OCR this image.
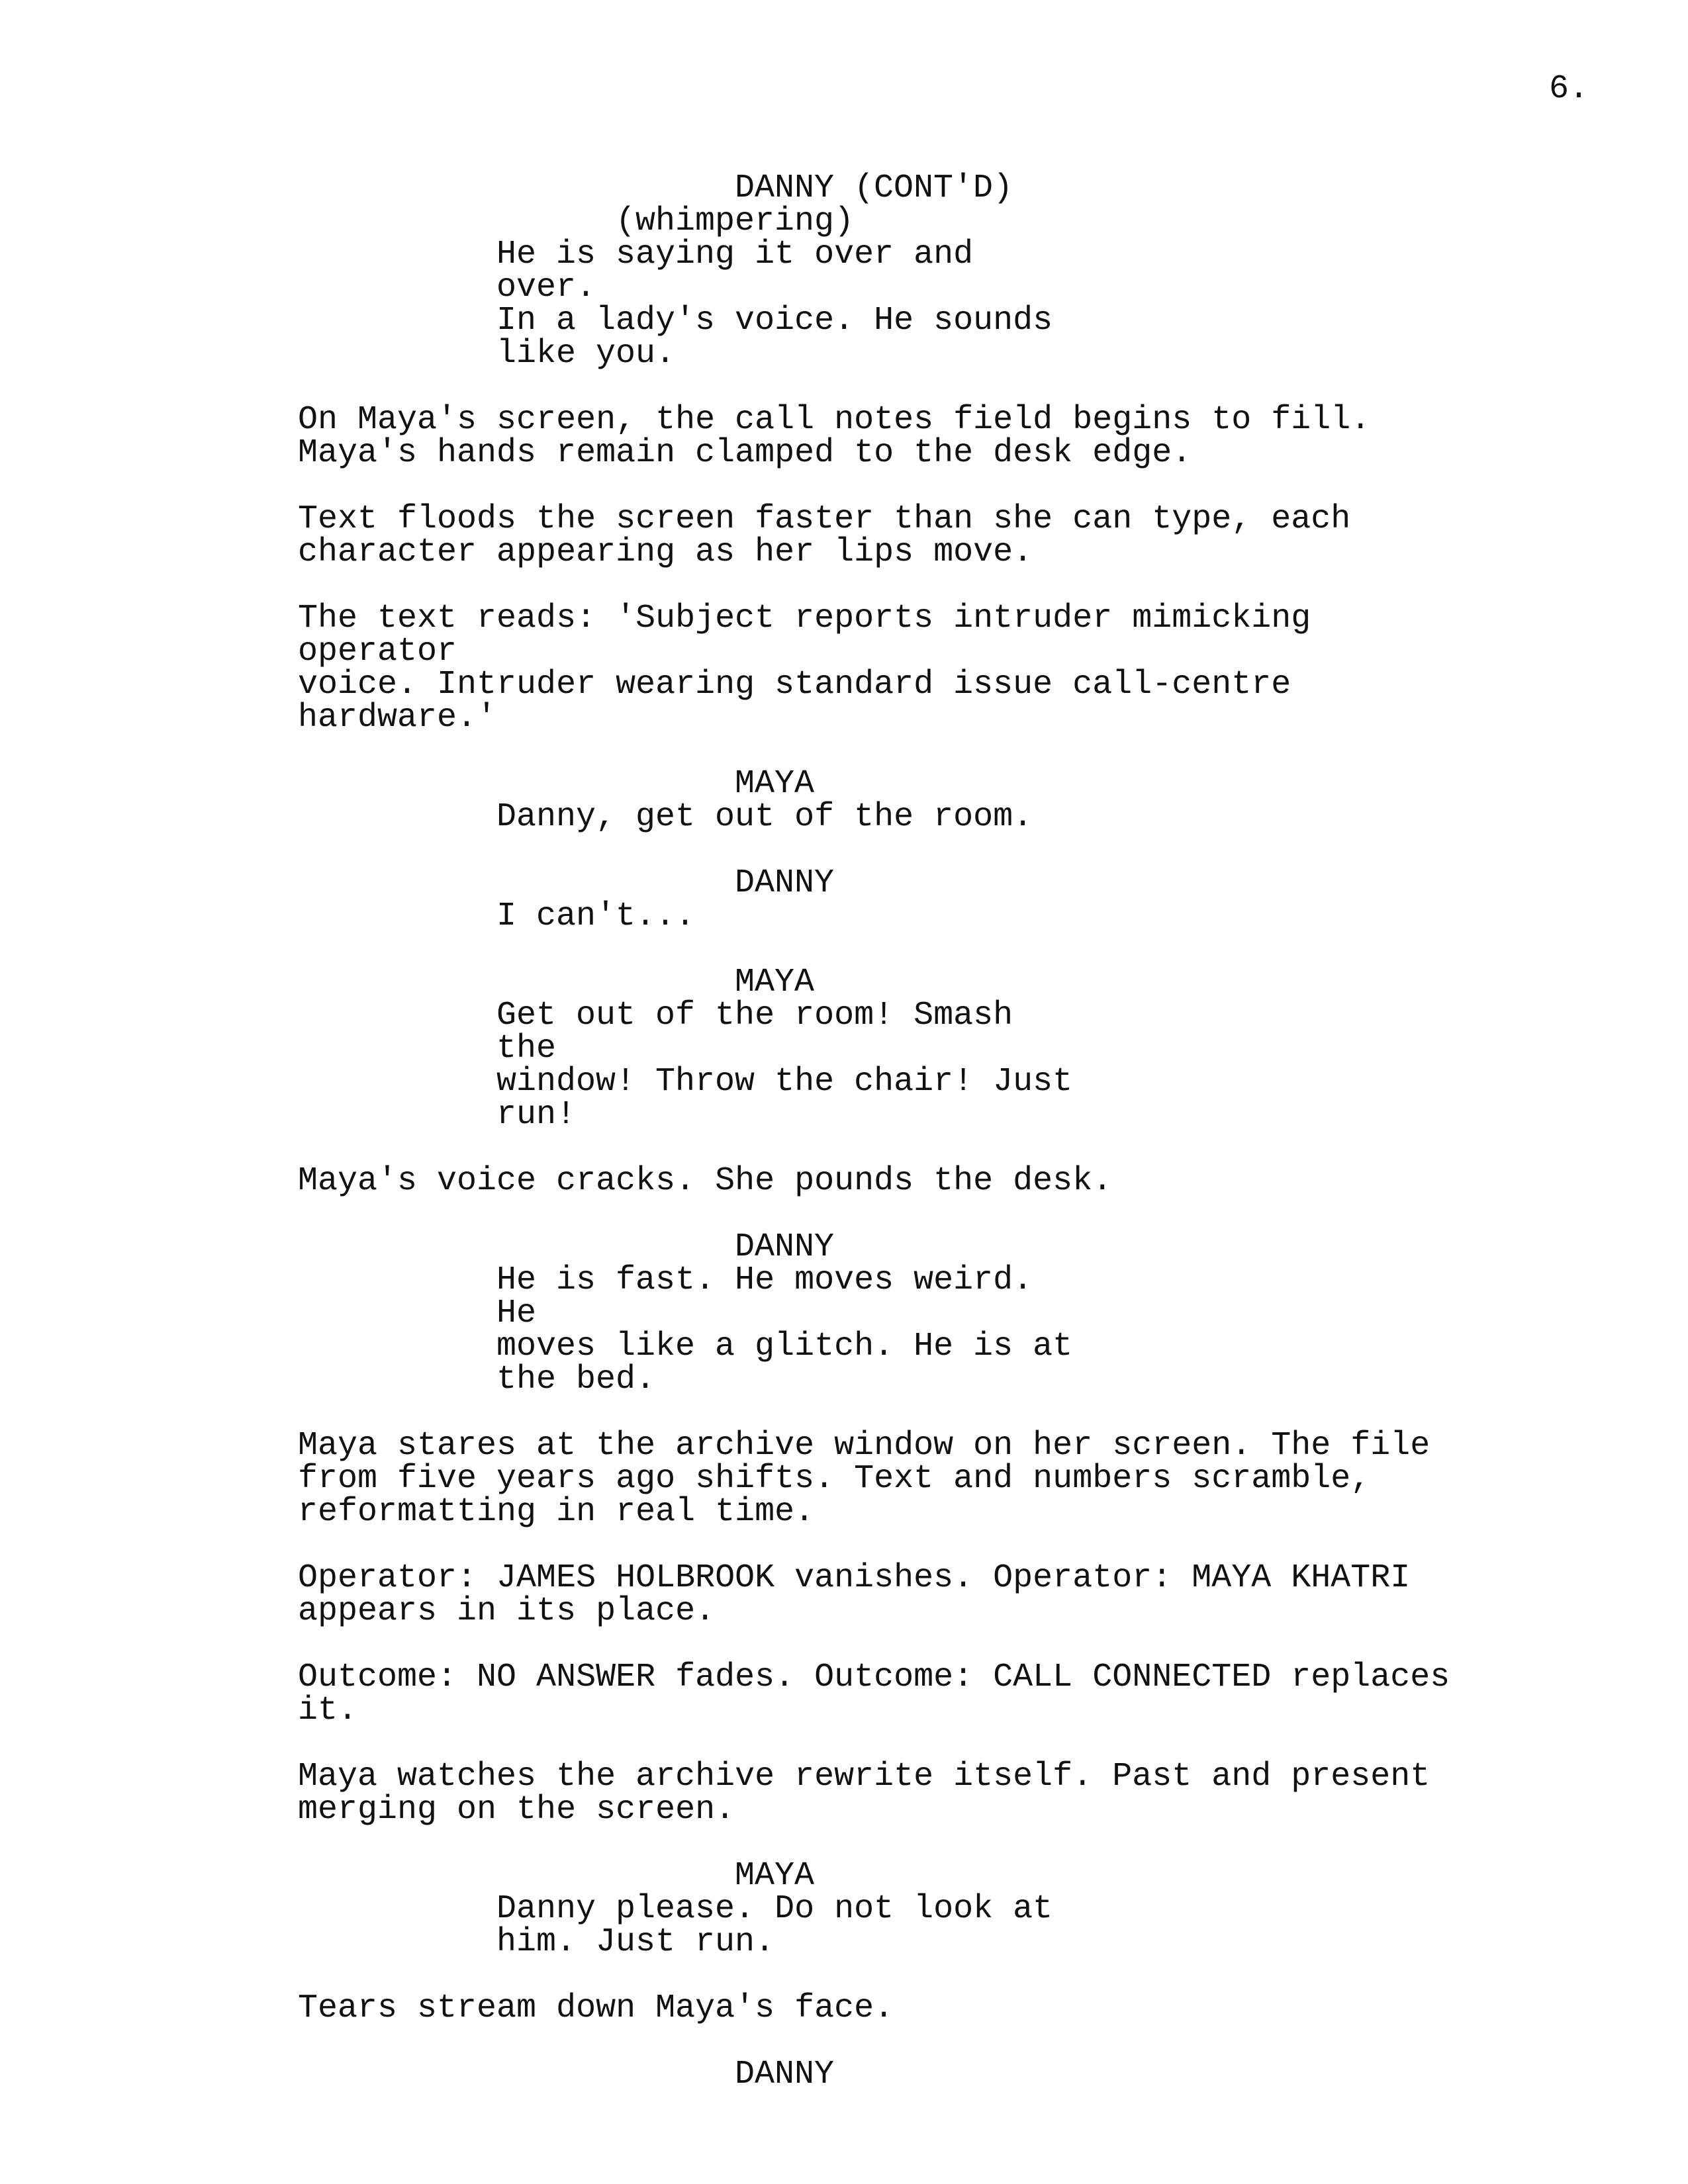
6.

DANNY (CONT'D)
(whimpering)
He is saying it over and over.
In a lady's voice. He sounds
like you.
On Maya's screen, the call notes field begins to fill.
Maya's hands remain clamped to the desk edge.
Text floods the screen faster than she can type, each
character appearing as her lips move.
The text reads: 'Subject reports intruder mimicking operator
voice. Intruder wearing standard issue call-centre
hardware.'
MAYA
Danny, get out of the room.
DANNY
I can't...
MAYA
Get out of the room! Smash the
window! Throw the chair! Just
run!
Maya's voice cracks. She pounds the desk.
DANNY
He is fast. He moves weird. He
moves like a glitch. He is at
the bed.
Maya stares at the archive window on her screen. The file
from five years ago shifts. Text and numbers scramble,
reformatting in real time.
Operator: JAMES HOLBROOK vanishes. Operator: MAYA KHATRI
appears in its place.
Outcome: NO ANSWER fades. Outcome: CALL CONNECTED replaces
it.
Maya watches the archive rewrite itself. Past and present
merging on the screen.
MAYA
Danny please. Do not look at
him. Just run.
Tears stream down Maya's face.
DANNY
